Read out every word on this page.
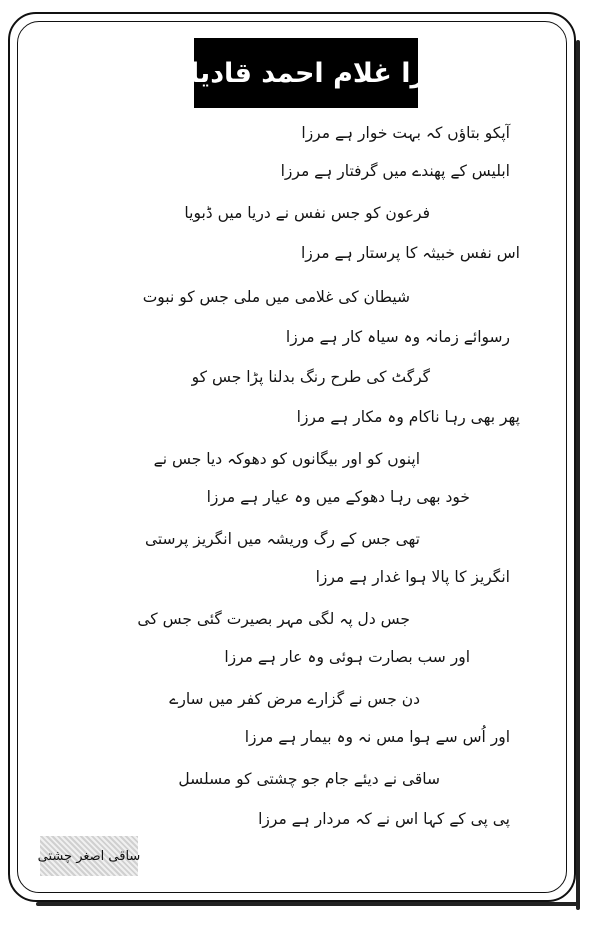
مرزا غلام احمد قادیانی
آپکو بتاؤں کہ بہت خوار ہے مرزا
ابلیس کے پھندے میں گرفتار ہے مرزا
فرعون کو جس نفس نے دریا میں ڈبویا
اس نفس خبیثہ کا پرستار ہے مرزا
شیطان کی غلامی میں ملی جس کو نبوت
رسوائے زمانہ وہ سیاہ کار ہے مرزا
گرگٹ کی طرح رنگ بدلنا پڑا جس کو
پھر بھی رہا ناکام وہ مکار ہے مرزا
اپنوں کو اور بیگانوں کو دھوکہ دیا جس نے
خود بھی رہا دھوکے میں وہ عیار ہے مرزا
تھی جس کے رگ وریشہ میں انگریز پرستی
انگریز کا پالا ہوا غدار ہے مرزا
جس دل پہ لگی مہر بصیرت گئی جس کی
اور سب بصارت ہوئی وہ عار ہے مرزا
دن جس نے گزارے مرض کفر میں سارے
اور اُس سے ہوا مس نہ وہ بیمار ہے مرزا
ساقی نے دیئے جام جو چشتی کو مسلسل
پی پی کے کہا اس نے کہ مردار ہے مرزا
ساقی اصغر چشتی
